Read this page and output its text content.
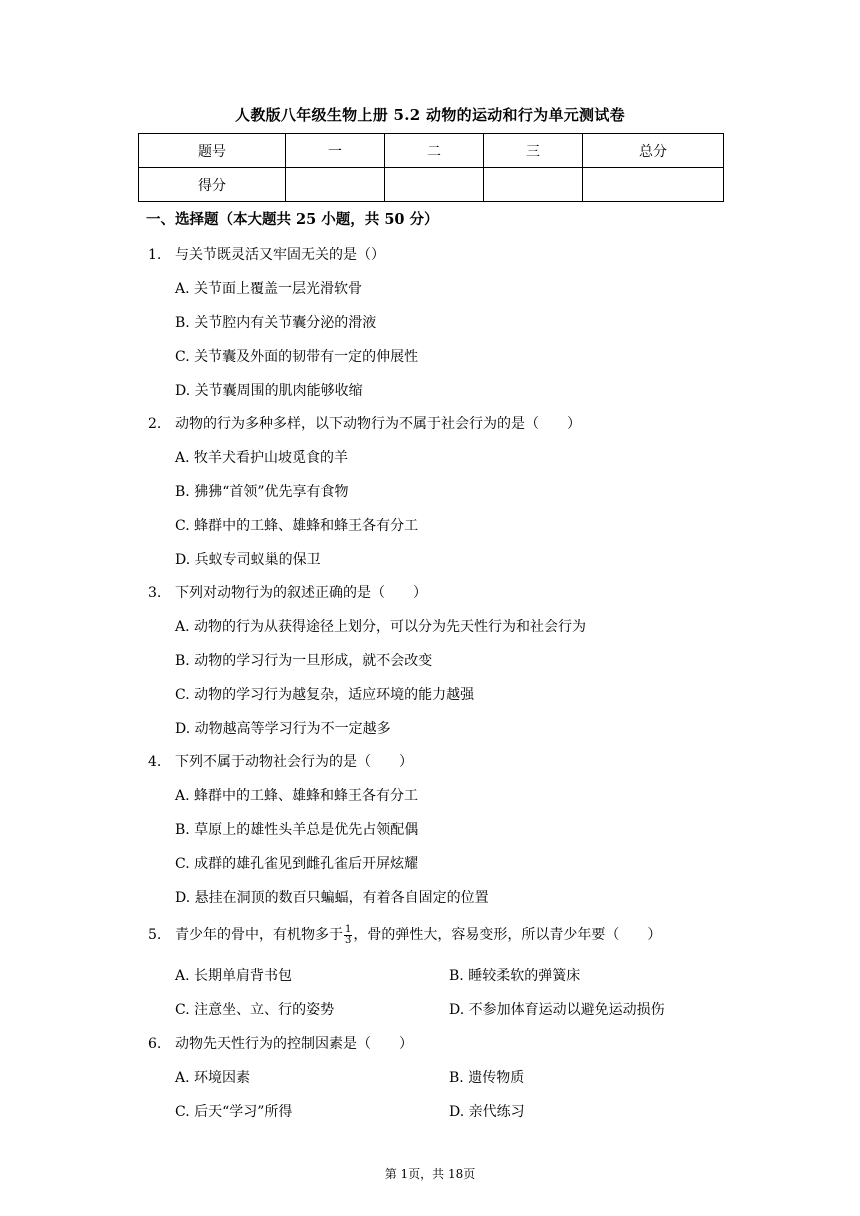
人教版八年级生物上册 5.2 动物的运动和行为单元测试卷
题号	一	二	三	总分
得分				
一、选择题（本大题共 25 小题，共 50 分）
1. 与关节既灵活又牢固无关的是（）
A. 关节面上覆盖一层光滑软骨
B. 关节腔内有关节囊分泌的滑液
C. 关节囊及外面的韧带有一定的伸展性
D. 关节囊周围的肌肉能够收缩
2. 动物的行为多种多样，以下动物行为不属于社会行为的是（　　）
A. 牧羊犬看护山坡觅食的羊
B. 狒狒“首领”优先享有食物
C. 蜂群中的工蜂、雄蜂和蜂王各有分工
D. 兵蚁专司蚁巢的保卫
3. 下列对动物行为的叙述正确的是（　　）
A. 动物的行为从获得途径上划分，可以分为先天性行为和社会行为
B. 动物的学习行为一旦形成，就不会改变
C. 动物的学习行为越复杂，适应环境的能力越强
D. 动物越高等学习行为不一定越多
4. 下列不属于动物社会行为的是（　　）
A. 蜂群中的工蜂、雄蜂和蜂王各有分工
B. 草原上的雄性头羊总是优先占领配偶
C. 成群的雄孔雀见到雌孔雀后开屏炫耀
D. 悬挂在洞顶的数百只蝙蝠，有着各自固定的位置
5. 青少年的骨中，有机物多于 $\frac{1}{3}$ ，骨的弹性大，容易变形，所以青少年要（　　）
A. 长期单肩背书包	B. 睡较柔软的弹簧床
C. 注意坐、立、行的姿势	D. 不参加体育运动以避免运动损伤
6. 动物先天性行为的控制因素是（　　）
A. 环境因素	B. 遗传物质
C. 后天“学习”所得	D. 亲代练习
第 1页，共 18页
